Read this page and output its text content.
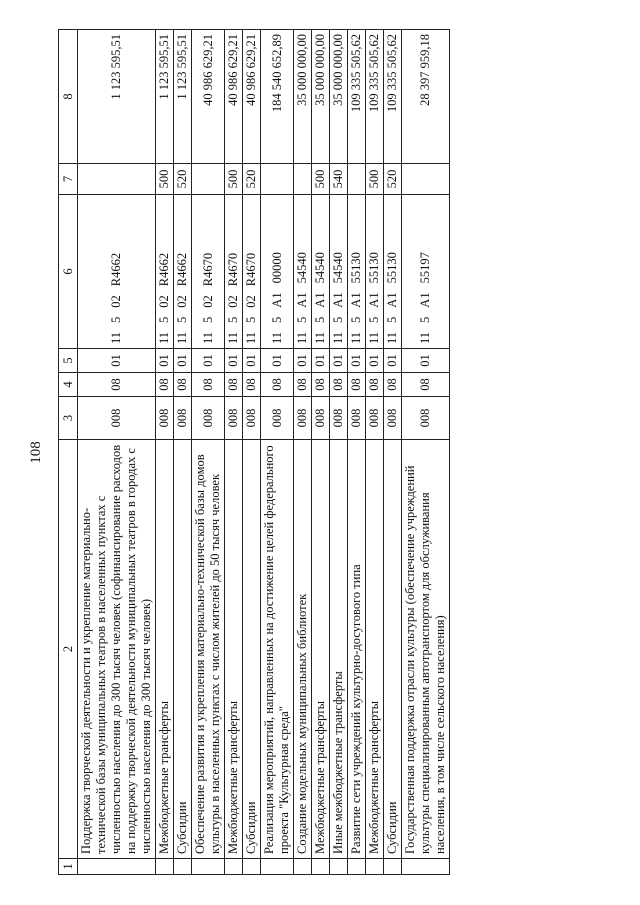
108
1	2	3	4	5	6	7	8
	Поддержка творческой деятельности и укрепление материально-технической базы муниципальных театров в населенных пунктах с численностью населения до 300 тысяч человек (софинансирование расходов на поддержку творческой деятельности муниципальных театров в городах с численностью населения до 300 тысяч человек)	008	08	01	11502R4662		1 123 595,51
	Межбюджетные трансферты	008	08	01	11502R4662	500	1 123 595,51
	Субсидии	008	08	01	11502R4662	520	1 123 595,51
	Обеспечение развития и укрепления материально-технической базы домов культуры в населенных пунктах с числом жителей до 50 тысяч человек	008	08	01	11502R4670		40 986 629,21
	Межбюджетные трансферты	008	08	01	11502R4670	500	40 986 629,21
	Субсидии	008	08	01	11502R4670	520	40 986 629,21
	Реализация мероприятий, направленных на достижение целей федерального проекта "Культурная среда"	008	08	01	115A100000		184 540 652,89
	Создание модельных муниципальных библиотек	008	08	01	115A154540		35 000 000,00
	Межбюджетные трансферты	008	08	01	115A154540	500	35 000 000,00
	Иные межбюджетные трансферты	008	08	01	115A154540	540	35 000 000,00
	Развитие сети учреждений культурно-досугового типа	008	08	01	115A155130		109 335 505,62
	Межбюджетные трансферты	008	08	01	115A155130	500	109 335 505,62
	Субсидии	008	08	01	115A155130	520	109 335 505,62
	Государственная поддержка отрасли культуры (обеспечение учреждений культуры специализированным автотранспортом для обслуживания населения, в том числе сельского населения)	008	08	01	115A155197		28 397 959,18
